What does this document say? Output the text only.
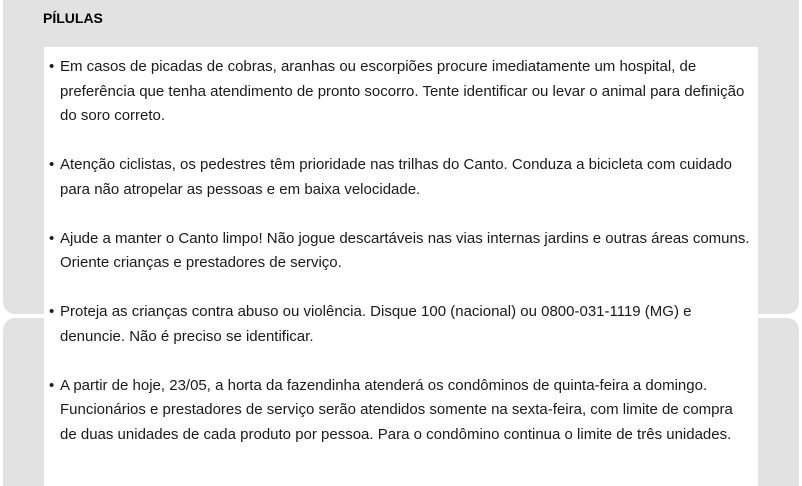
PÍLULAS
• Em casos de picadas de cobras, aranhas ou escorpiões procure imediatamente um hospital, de preferência que tenha atendimento de pronto socorro. Tente identificar ou levar o animal para definição do soro correto.
• Atenção ciclistas, os pedestres têm prioridade nas trilhas do Canto. Conduza a bicicleta com cuidado para não atropelar as pessoas e em baixa velocidade.
• Ajude a manter o Canto limpo! Não jogue descartáveis nas vias internas jardins e outras áreas comuns. Oriente crianças e prestadores de serviço.
• Proteja as crianças contra abuso ou violência. Disque 100 (nacional) ou 0800-031-1119 (MG) e denuncie. Não é preciso se identificar.
• A partir de hoje, 23/05, a horta da fazendinha atenderá os condôminos de quinta-feira a domingo. Funcionários e prestadores de serviço serão atendidos somente na sexta-feira, com limite de compra de duas unidades de cada produto por pessoa. Para o condômino continua o limite de três unidades.
